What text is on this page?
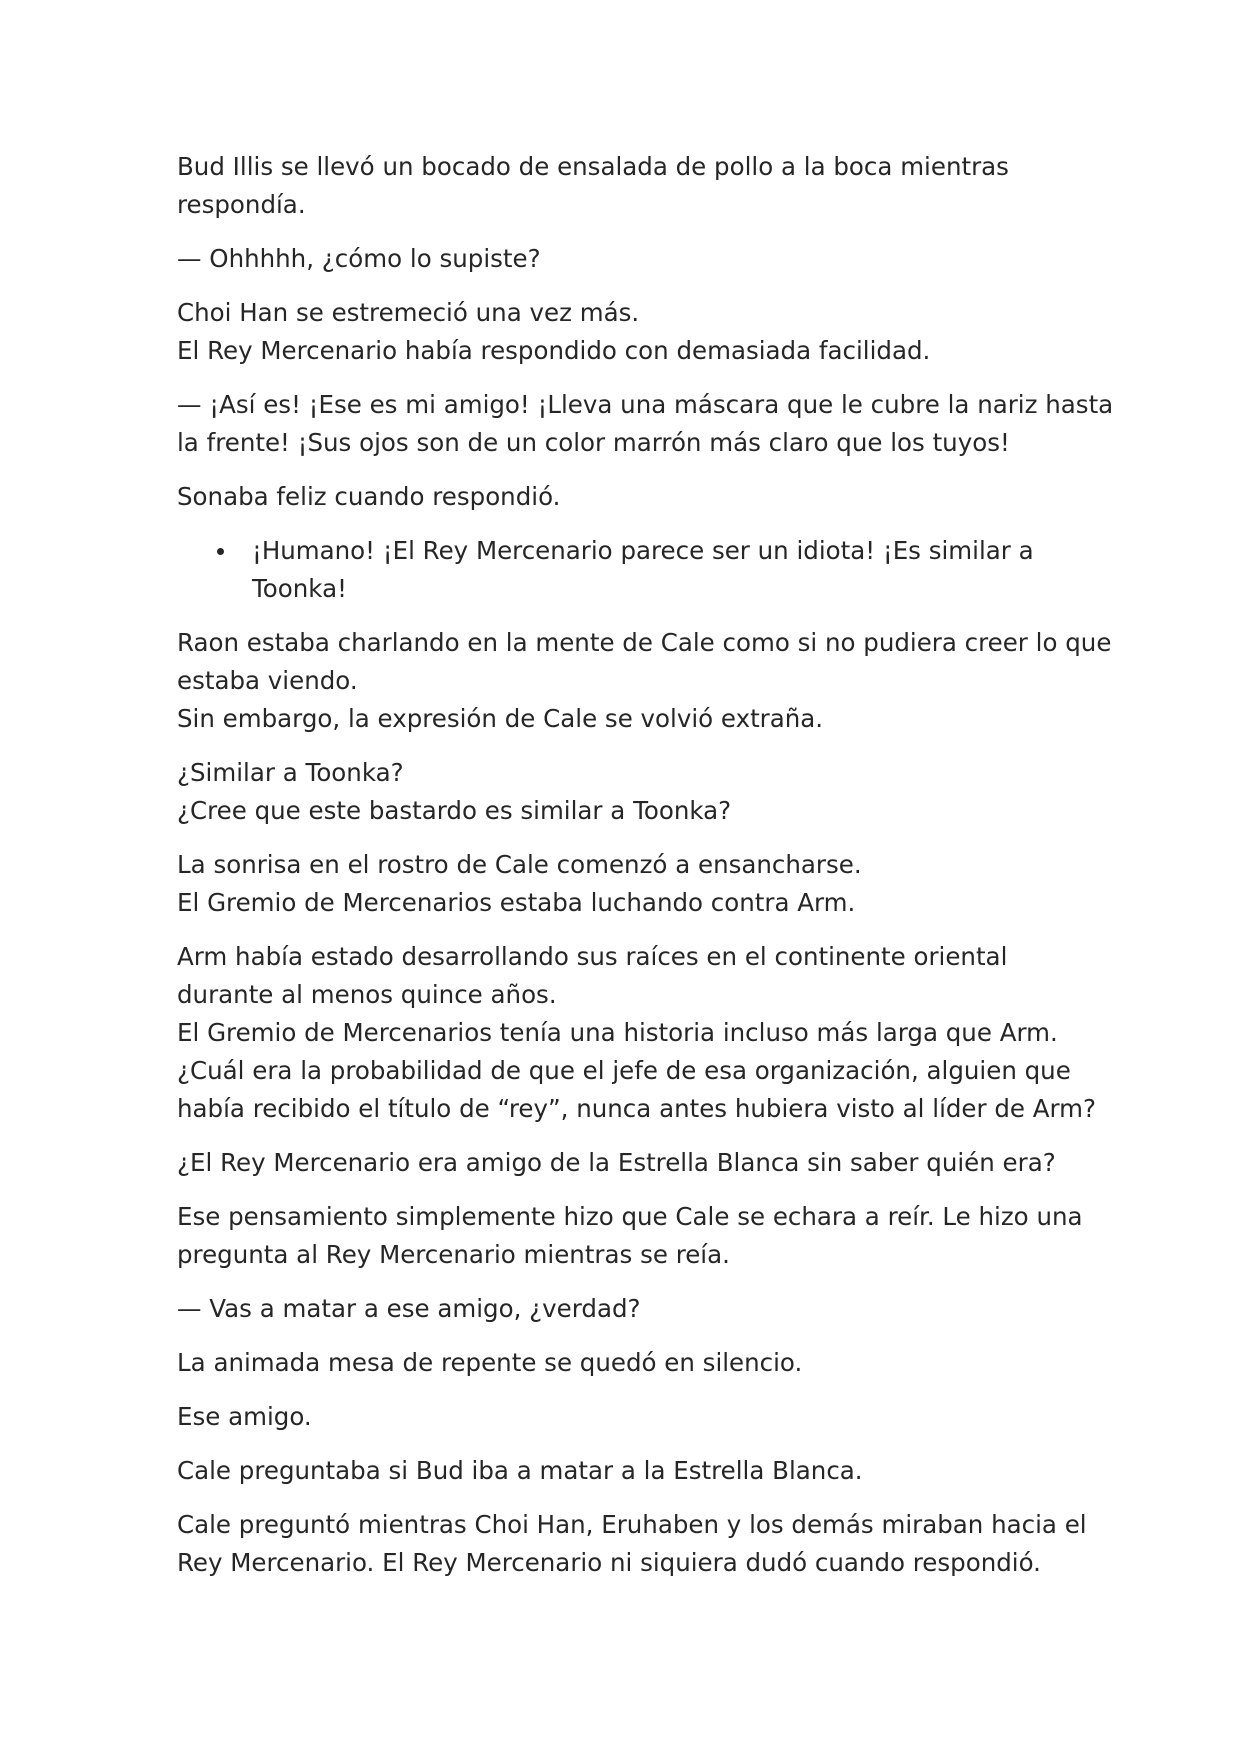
Bud Illis se llevó un bocado de ensalada de pollo a la boca mientras
respondía.
— Ohhhhh, ¿cómo lo supiste?
Choi Han se estremeció una vez más.
El Rey Mercenario había respondido con demasiada facilidad.
— ¡Así es! ¡Ese es mi amigo! ¡Lleva una máscara que le cubre la nariz hasta
la frente! ¡Sus ojos son de un color marrón más claro que los tuyos!
Sonaba feliz cuando respondió.
¡Humano! ¡El Rey Mercenario parece ser un idiota! ¡Es similar a
Toonka!
Raon estaba charlando en la mente de Cale como si no pudiera creer lo que
estaba viendo.
Sin embargo, la expresión de Cale se volvió extraña.
¿Similar a Toonka?
¿Cree que este bastardo es similar a Toonka?
La sonrisa en el rostro de Cale comenzó a ensancharse.
El Gremio de Mercenarios estaba luchando contra Arm.
Arm había estado desarrollando sus raíces en el continente oriental
durante al menos quince años.
El Gremio de Mercenarios tenía una historia incluso más larga que Arm.
¿Cuál era la probabilidad de que el jefe de esa organización, alguien que
había recibido el título de “rey”, nunca antes hubiera visto al líder de Arm?
¿El Rey Mercenario era amigo de la Estrella Blanca sin saber quién era?
Ese pensamiento simplemente hizo que Cale se echara a reír. Le hizo una
pregunta al Rey Mercenario mientras se reía.
— Vas a matar a ese amigo, ¿verdad?
La animada mesa de repente se quedó en silencio.
Ese amigo.
Cale preguntaba si Bud iba a matar a la Estrella Blanca.
Cale preguntó mientras Choi Han, Eruhaben y los demás miraban hacia el
Rey Mercenario. El Rey Mercenario ni siquiera dudó cuando respondió.
